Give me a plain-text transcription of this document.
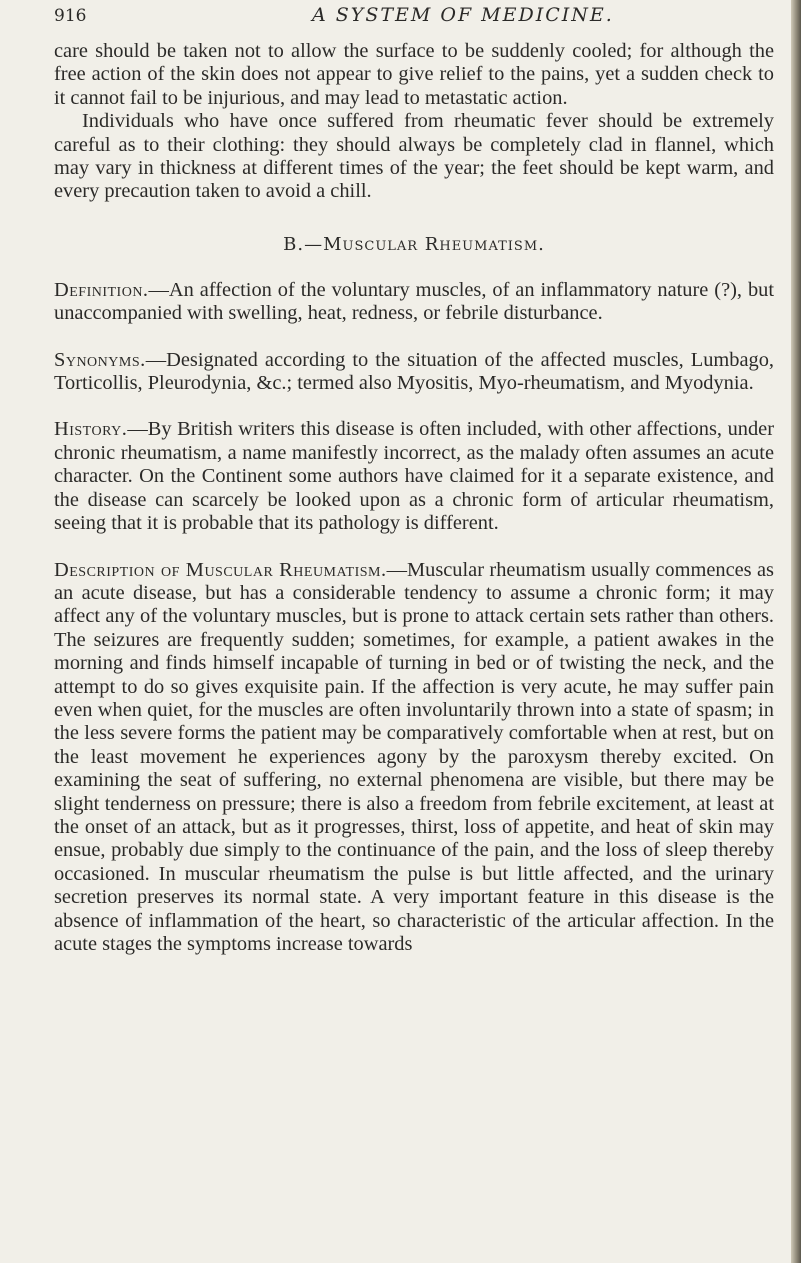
916	A SYSTEM OF MEDICINE.

care should be taken not to allow the surface to be suddenly cooled; for although the free action of the skin does not appear to give relief to the pains, yet a sudden check to it cannot fail to be injurious, and may lead to metastatic action.

Individuals who have once suffered from rheumatic fever should be extremely careful as to their clothing: they should always be completely clad in flannel, which may vary in thickness at different times of the year; the feet should be kept warm, and every precaution taken to avoid a chill.

B.—Muscular Rheumatism.

Definition.—An affection of the voluntary muscles, of an inflammatory nature (?), but unaccompanied with swelling, heat, redness, or febrile disturbance.

Synonyms.—Designated according to the situation of the affected muscles, Lumbago, Torticollis, Pleurodynia, &c.; termed also Myositis, Myo-rheumatism, and Myodynia.

History.—By British writers this disease is often included, with other affections, under chronic rheumatism, a name manifestly incorrect, as the malady often assumes an acute character. On the Continent some authors have claimed for it a separate existence, and the disease can scarcely be looked upon as a chronic form of articular rheumatism, seeing that it is probable that its pathology is different.

Description of Muscular Rheumatism.—Muscular rheumatism usually commences as an acute disease, but has a considerable tendency to assume a chronic form; it may affect any of the voluntary muscles, but is prone to attack certain sets rather than others. The seizures are frequently sudden; sometimes, for example, a patient awakes in the morning and finds himself incapable of turning in bed or of twisting the neck, and the attempt to do so gives exquisite pain. If the affection is very acute, he may suffer pain even when quiet, for the muscles are often involuntarily thrown into a state of spasm; in the less severe forms the patient may be comparatively comfortable when at rest, but on the least movement he experiences agony by the paroxysm thereby excited. On examining the seat of suffering, no external phenomena are visible, but there may be slight tenderness on pressure; there is also a freedom from febrile excitement, at least at the onset of an attack, but as it progresses, thirst, loss of appetite, and heat of skin may ensue, probably due simply to the continuance of the pain, and the loss of sleep thereby occasioned. In muscular rheumatism the pulse is but little affected, and the urinary secretion preserves its normal state. A very important feature in this disease is the absence of inflammation of the heart, so characteristic of the articular affection. In the acute stages the symptoms increase towards
